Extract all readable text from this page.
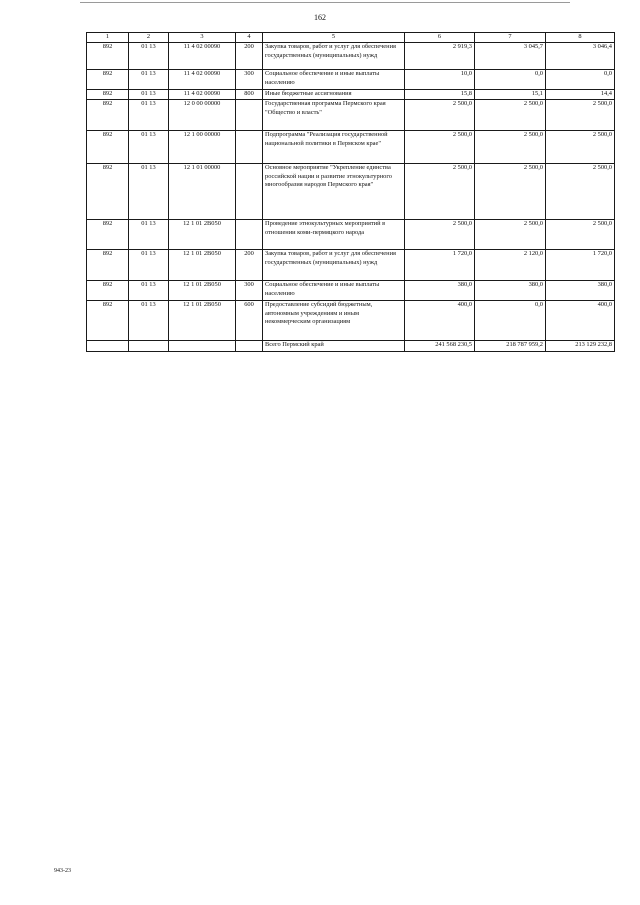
162
1	2	3	4	5	6	7	8
892	01 13	11 4 02 00090	200	Закупка товаров, работ и услуг для обеспечения государственных (муниципальных) нужд	2 919,3	3 045,7	3 046,4
892	01 13	11 4 02 00090	300	Социальное обеспечение и иные выплаты населению	10,0	0,0	0,0
892	01 13	11 4 02 00090	800	Иные бюджетные ассигнования	15,8	15,1	14,4
892	01 13	12 0 00 00000		Государственная программа Пермского края "Общество и власть"	2 500,0	2 500,0	2 500,0
892	01 13	12 1 00 00000		Подпрограмма "Реализация государственной национальной политики в Пермском крае"	2 500,0	2 500,0	2 500,0
892	01 13	12 1 01 00000		Основное мероприятие "Укрепление единства российской нации и развитие этнокультурного многообразия народов Пермского края"	2 500,0	2 500,0	2 500,0
892	01 13	12 1 01 2В050		Проведение этнокультурных мероприятий в отношении коми-пермяцкого народа	2 500,0	2 500,0	2 500,0
892	01 13	12 1 01 2В050	200	Закупка товаров, работ и услуг для обеспечения государственных (муниципальных) нужд	1 720,0	2 120,0	1 720,0
892	01 13	12 1 01 2В050	300	Социальное обеспечение и иные выплаты населению	380,0	380,0	380,0
892	01 13	12 1 01 2В050	600	Предоставление субсидий бюджетным, автономным учреждениям и иным некоммерческим организациям	400,0	0,0	400,0
				Всего Пермский край	241 568 230,5	218 787 959,2	213 129 232,8
943-23
